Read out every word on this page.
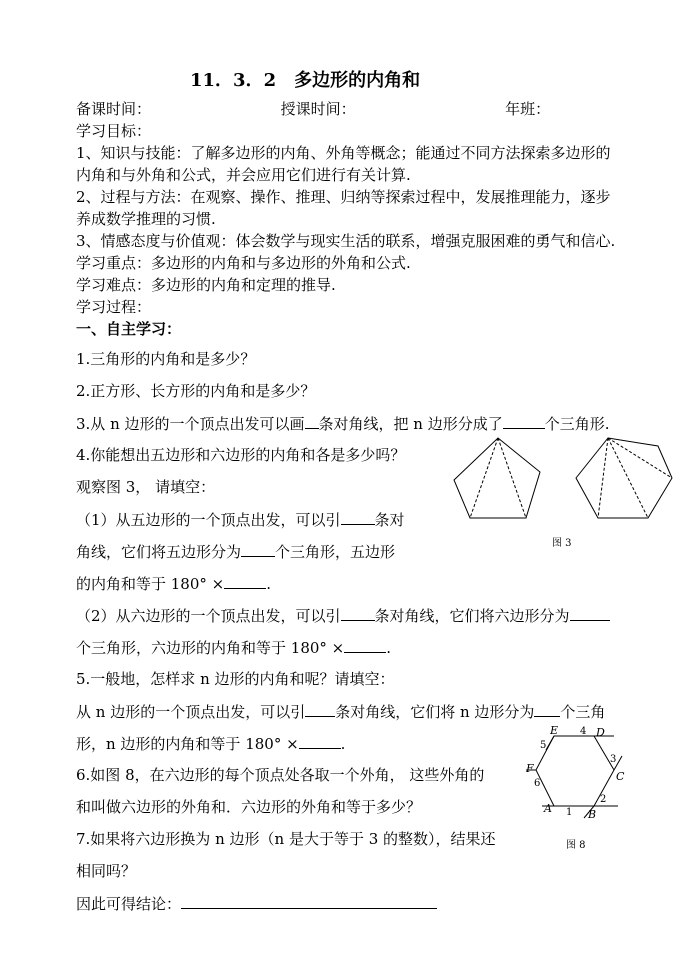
11．3．2　多边形的内角和
备课时间：	授课时间：	年班：
学习目标：
1、知识与技能：了解多边形的内角、外角等概念；能通过不同方法探索多边形的
内角和与外角和公式，并会应用它们进行有关计算.
2、过程与方法：在观察、操作、推理、归纳等探索过程中，发展推理能力，逐步
养成数学推理的习惯.
3、情感态度与价值观：体会数学与现实生活的联系，增强克服困难的勇气和信心.
学习重点：多边形的内角和与多边形的外角和公式.
学习难点：多边形的内角和定理的推导.
学习过程：
一、自主学习：
1.三角形的内角和是多少？
2.正方形、长方形的内角和是多少？
3.从 n 边形的一个顶点出发可以画 条对角线，把 n 边形分成了	个三角形.
4.你能想出五边形和六边形的内角和各是多少吗？
观察图 3， 请填空：
（1）从五边形的一个顶点出发，可以引 条对
角线，它们将五边形分为 个三角形，五边形
的内角和等于 180° ×	.
（2）从六边形的一个顶点出发，可以引 条对角线，它们将六边形分为
个三角形，六边形的内角和等于 180° ×	.
5.一般地，怎样求 n 边形的内角和呢？请填空：
从 n 边形的一个顶点出发，可以引 条对角线，它们将 n 边形分为 个三角
形，n 边形的内角和等于 180° ×	.
6.如图 8，在六边形的每个顶点处各取一个外角， 这些外角的
和叫做六边形的外角和．六边形的外角和等于多少？
7.如果将六边形换为 n 边形（n 是大于等于 3 的整数），结果还
相同吗？
因此可得结论：
图 3
E	D
C
B
A
F
1
2
3
4
5
6
图 8
